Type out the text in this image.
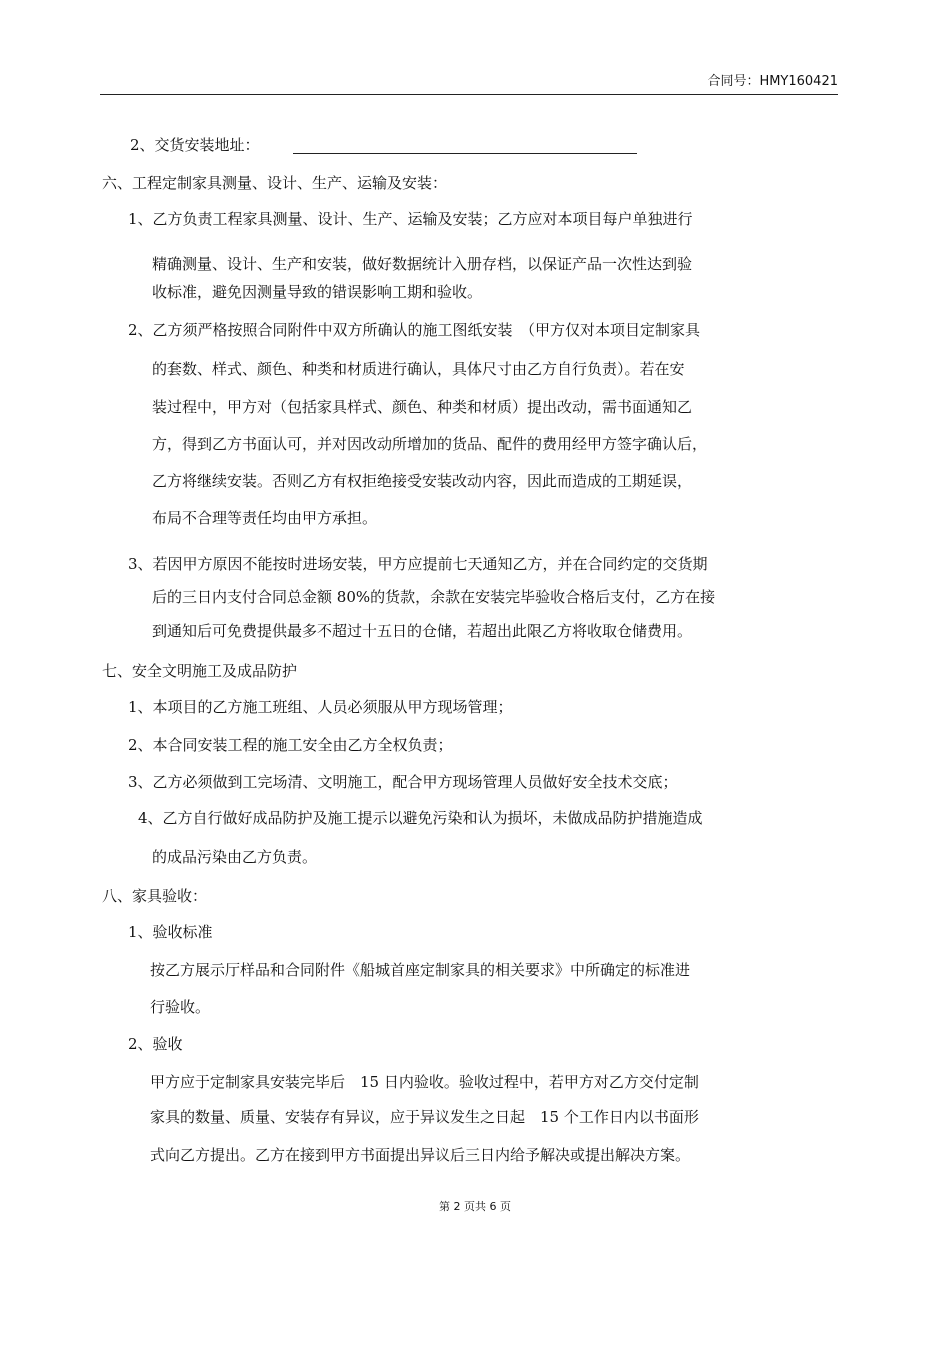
合同号：HMY160421
2、交货安装地址：
六、工程定制家具测量、设计、生产、运输及安装：
1、乙方负责工程家具测量、设计、生产、运输及安装；乙方应对本项目每户单独进行
精确测量、设计、生产和安装，做好数据统计入册存档，以保证产品一次性达到验
收标准，避免因测量导致的错误影响工期和验收。
2、乙方须严格按照合同附件中双方所确认的施工图纸安装　（甲方仅对本项目定制家具
的套数、样式、颜色、种类和材质进行确认，具体尺寸由乙方自行负责）。若在安
装过程中，甲方对（包括家具样式、颜色、种类和材质）提出改动，需书面通知乙
方，得到乙方书面认可，并对因改动所增加的货品、配件的费用经甲方签字确认后，
乙方将继续安装。否则乙方有权拒绝接受安装改动内容，因此而造成的工期延误，
布局不合理等责任均由甲方承担。
3、若因甲方原因不能按时进场安装，甲方应提前七天通知乙方，并在合同约定的交货期
后的三日内支付合同总金额 80%的货款，余款在安装完毕验收合格后支付，乙方在接
到通知后可免费提供最多不超过十五日的仓储，若超出此限乙方将收取仓储费用。
七、安全文明施工及成品防护
1、本项目的乙方施工班组、人员必须服从甲方现场管理；
2、本合同安装工程的施工安全由乙方全权负责；
3、乙方必须做到工完场清、文明施工，配合甲方现场管理人员做好安全技术交底；
4、乙方自行做好成品防护及施工提示以避免污染和认为损坏，未做成品防护措施造成
的成品污染由乙方负责。
八、家具验收：
1、验收标准
按乙方展示厅样品和合同附件《船城首座定制家具的相关要求》中所确定的标准进
行验收。
2、验收
甲方应于定制家具安装完毕后　15 日内验收。验收过程中，若甲方对乙方交付定制
家具的数量、质量、安装存有异议，应于异议发生之日起　15 个工作日内以书面形
式向乙方提出。乙方在接到甲方书面提出异议后三日内给予解决或提出解决方案。
第 2 页共 6 页
